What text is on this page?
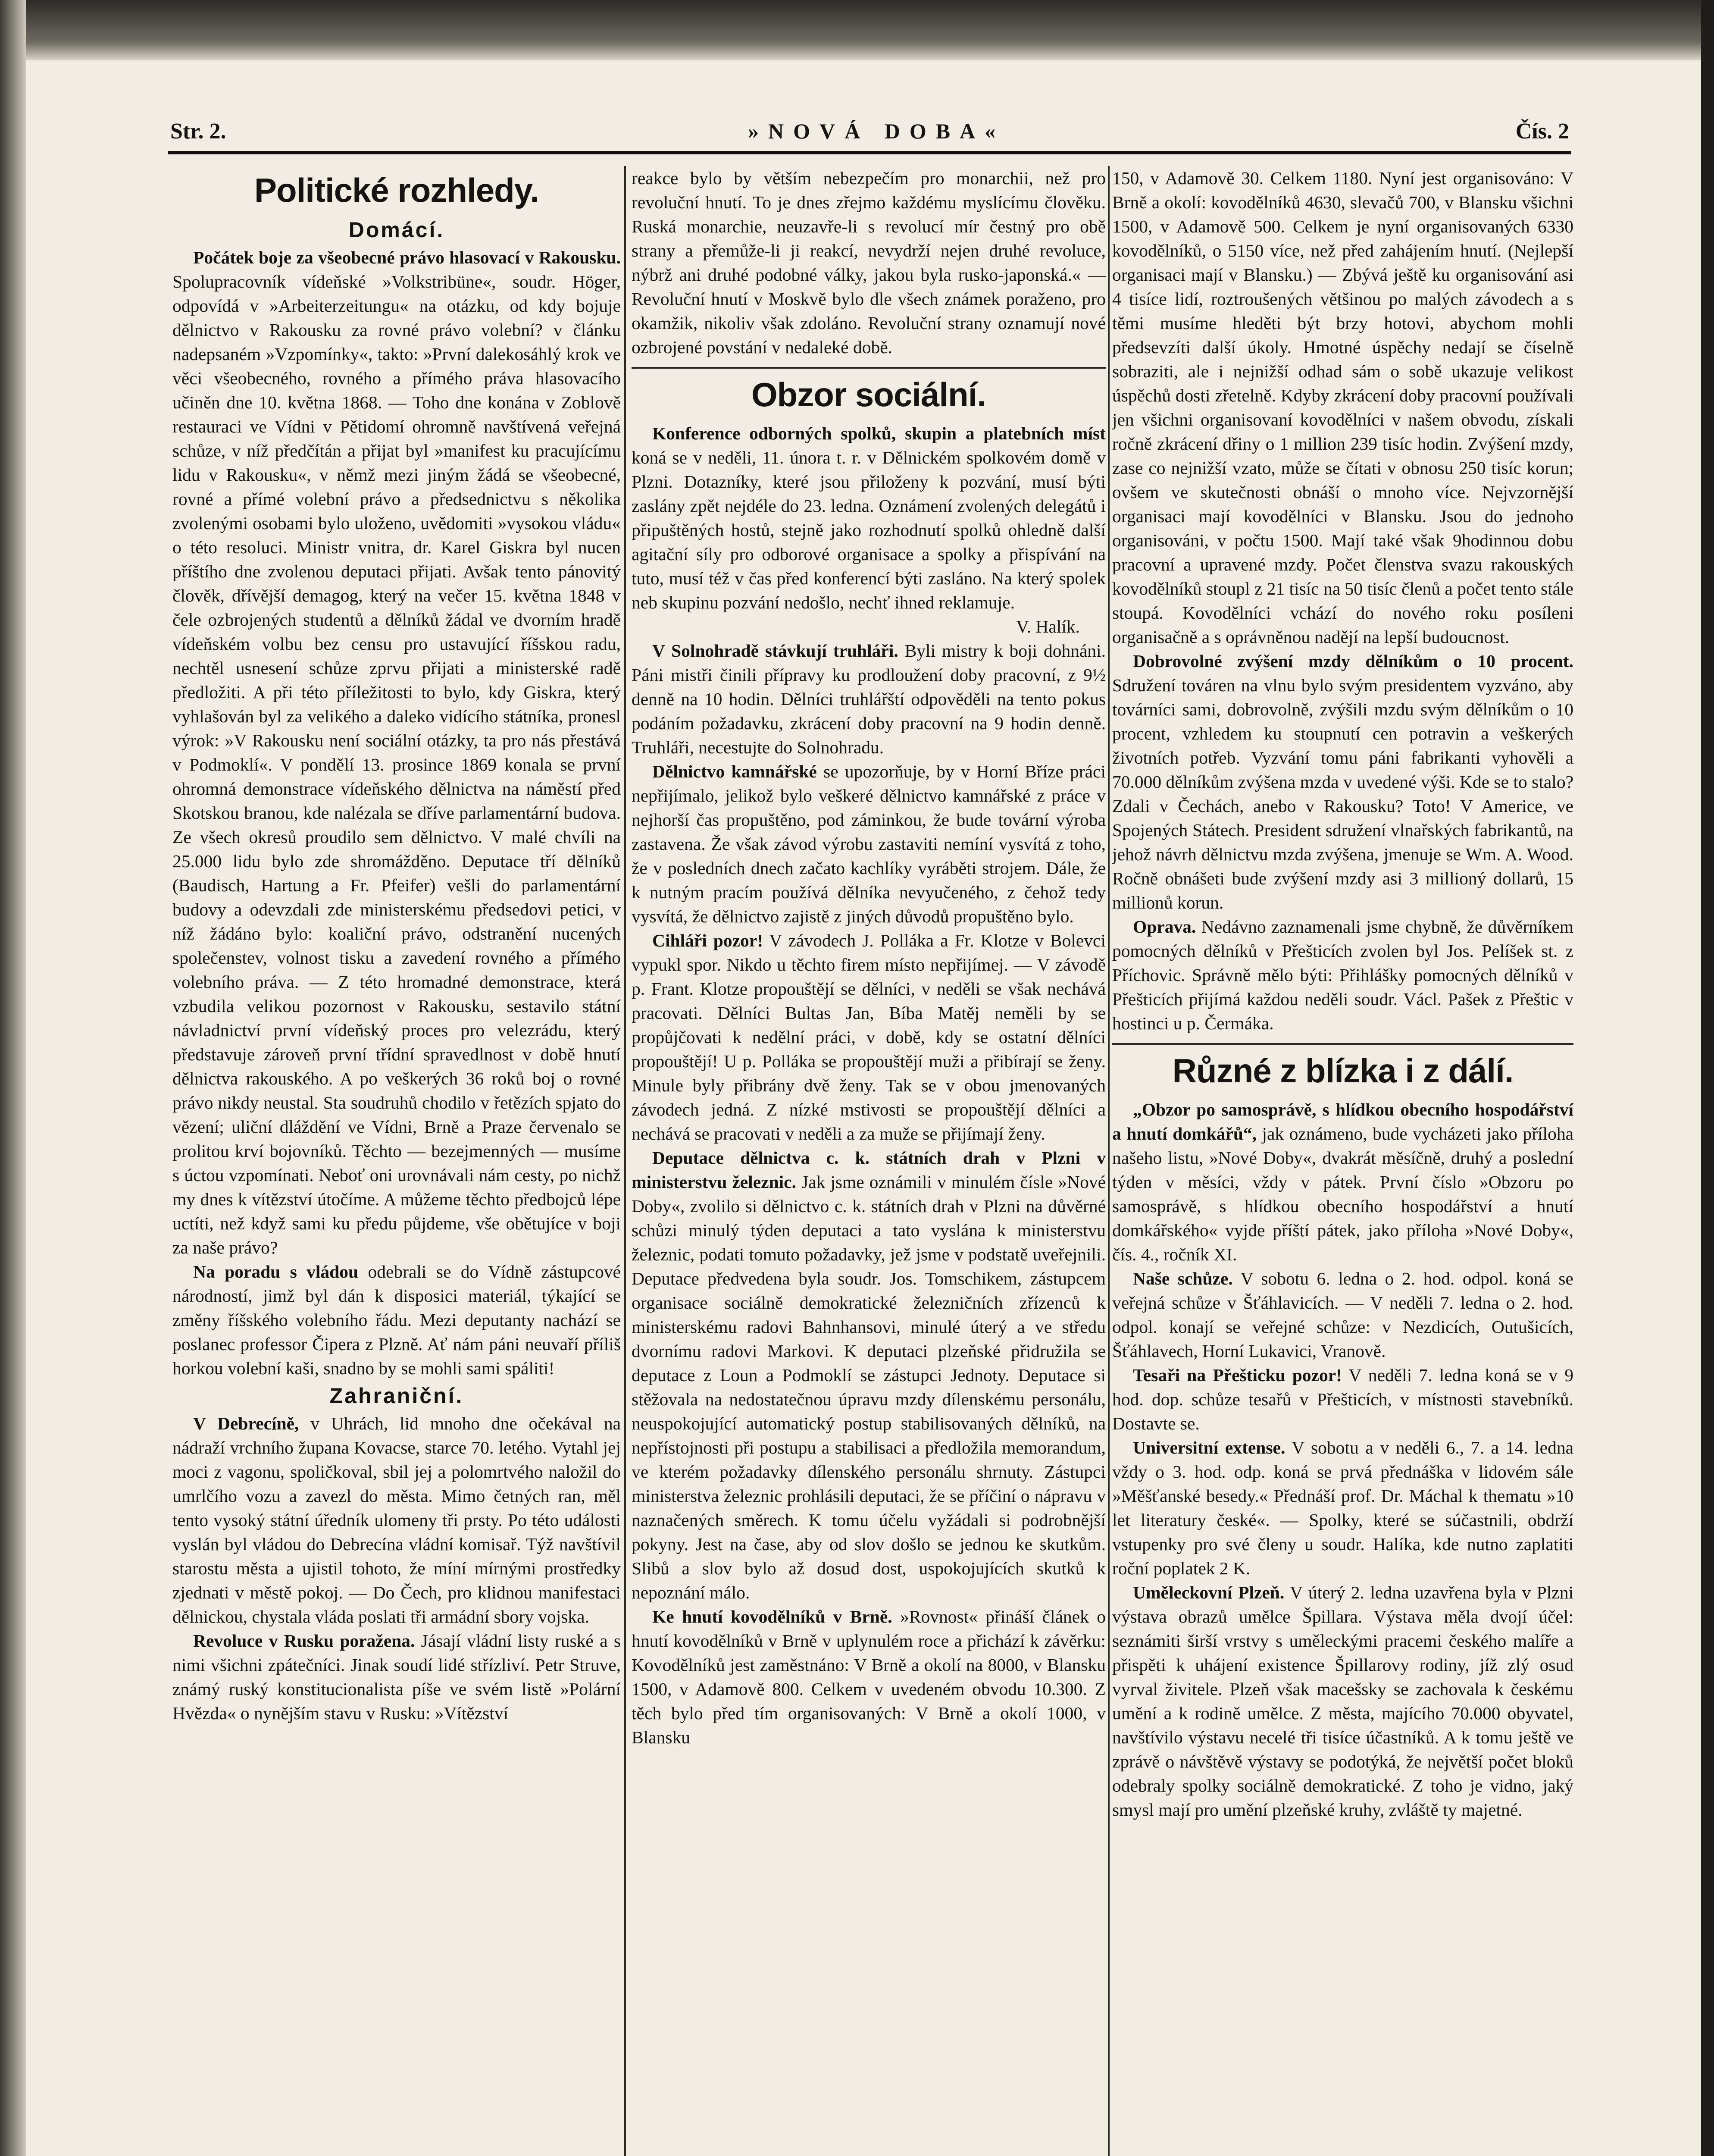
Str. 2.	»NOVÁ DOBA«	Čís. 2
Politické rozhledy.
Domácí.

Počátek boje za všeobecné právo hlasovací v Rakousku. Spolupracovník vídeňské »Volkstribüne«, soudr. Höger, odpovídá v »Arbeiterzeitungu« na otázku, od kdy bojuje dělnictvo v Rakousku za rovné právo volební? v článku nadepsaném »Vzpomínky«, takto: »První dalekosáhlý krok ve věci všeobecného, rovného a přímého práva hlasovacího učiněn dne 10. května 1868. — Toho dne konána v Zoblově restauraci ve Vídni v Pětidomí ohromně navštívená veřejná schůze, v níž předčítán a přijat byl »manifest ku pracujícímu lidu v Rakousku«, v němž mezi jiným žádá se všeobecné, rovné a přímé volební právo a předsednictvu s několika zvolenými osobami bylo uloženo, uvědomiti »vysokou vládu« o této resoluci. Ministr vnitra, dr. Karel Giskra byl nucen příštího dne zvolenou deputaci přijati. Avšak tento pánovitý člověk, dřívější demagog, který na večer 15. května 1848 v čele ozbrojených studentů a dělníků žádal ve dvorním hradě vídeňském volbu bez censu pro ustavující říšskou radu, nechtěl usnesení schůze zprvu přijati a ministerské radě předložiti. A při této příležitosti to bylo, kdy Giskra, který vyhlašován byl za velikého a daleko vidícího státníka, pronesl výrok: »V Rakousku není sociální otázky, ta pro nás přestává v Podmoklí«. V pondělí 13. prosince 1869 konala se první ohromná demonstrace vídeňského dělnictva na náměstí před Skotskou branou, kde nalézala se dříve parlamentární budova. Ze všech okresů proudilo sem dělnictvo. V malé chvíli na 25.000 lidu bylo zde shromážděno. Deputace tří dělníků (Baudisch, Hartung a Fr. Pfeifer) vešli do parlamentární budovy a odevzdali zde ministerskému předsedovi petici, v níž žádáno bylo: koaliční právo, odstranění nucených společenstev, volnost tisku a zavedení rovného a přímého volebního práva. — Z této hromadné demonstrace, která vzbudila velikou pozornost v Rakousku, sestavilo státní návladnictví první vídeňský proces pro velezrádu, který představuje zároveň první třídní spravedlnost v době hnutí dělnictva rakouského. A po veškerých 36 roků boj o rovné právo nikdy neustal. Sta soudruhů chodilo v řetězích spjato do vězení; uliční dláždění ve Vídni, Brně a Praze červenalo se prolitou krví bojovníků. Těchto — bezejmenných — musíme s úctou vzpomínati. Neboť oni urovnávali nám cesty, po nichž my dnes k vítězství útočíme. A můžeme těchto předbojců lépe uctíti, než když sami ku předu půjdeme, vše obětujíce v boji za naše právo?

Na poradu s vládou odebrali se do Vídně zástupcové národností, jimž byl dán k disposici materiál, týkající se změny říšského volebního řádu. Mezi deputanty nachází se poslanec professor Čipera z Plzně. Ať nám páni neuvaří příliš horkou volební kaši, snadno by se mohli sami spáliti!

Zahraniční.

V Debrecíně, v Uhrách, lid mnoho dne očekával na nádraží vrchního župana Kovacse, starce 70. letého. Vytahl jej moci z vagonu, spoličkoval, sbil jej a polomrtvého naložil do umrlčího vozu a zavezl do města. Mimo četných ran, měl tento vysoký státní úředník ulomeny tři prsty. Po této události vyslán byl vládou do Debrecína vládní komisař. Týž navštívil starostu města a ujistil tohoto, že míní mírnými prostředky zjednati v městě pokoj. — Do Čech, pro klidnou manifestaci dělnickou, chystala vláda poslati tři armádní sbory vojska.

Revoluce v Rusku poražena. Jásají vládní listy ruské a s nimi všichni zpátečníci. Jinak soudí lidé střízliví. Petr Struve, známý ruský konstitucionalista píše ve svém listě »Polární Hvězda« o nynějším stavu v Rusku: »Vítězství

reakce bylo by větším nebezpečím pro monarchii, než pro revoluční hnutí. To je dnes zřejmo každému myslícímu člověku. Ruská monarchie, neuzavře-li s revolucí mír čestný pro obě strany a přemůže-li ji reakcí, nevydrží nejen druhé revoluce, nýbrž ani druhé podobné války, jakou byla rusko-japonská.« — Revoluční hnutí v Moskvě bylo dle všech známek poraženo, pro okamžik, nikoliv však zdoláno. Revoluční strany oznamují nové ozbrojené povstání v nedaleké době.

Obzor sociální.

Konference odborných spolků, skupin a platebních míst koná se v neděli, 11. února t. r. v Dělnickém spolkovém domě v Plzni. Dotazníky, které jsou přiloženy k pozvání, musí býti zaslány zpět nejdéle do 23. ledna. Oznámení zvolených delegátů i připuštěných hostů, stejně jako rozhodnutí spolků ohledně další agitační síly pro odborové organisace a spolky a přispívání na tuto, musí též v čas před konferencí býti zasláno. Na který spolek neb skupinu pozvání nedošlo, nechť ihned reklamuje.

V. Halík.

V Solnohradě stávkují truhláři. Byli mistry k boji dohnáni. Páni mistři činili přípravy ku prodloužení doby pracovní, z 9½ denně na 10 hodin. Dělníci truhlářští odpověděli na tento pokus podáním požadavku, zkrácení doby pracovní na 9 hodin denně. Truhláři, necestujte do Solnohradu.

Dělnictvo kamnářské se upozorňuje, by v Horní Bříze práci nepřijímalo, jelikož bylo veškeré dělnictvo kamnářské z práce v nejhorší čas propuštěno, pod záminkou, že bude tovární výroba zastavena. Že však závod výrobu zastaviti nemíní vysvítá z toho, že v posledních dnech začato kachlíky vyráběti strojem. Dále, že k nutným pracím používá dělníka nevyučeného, z čehož tedy vysvítá, že dělnictvo zajistě z jiných důvodů propuštěno bylo.

Cihláři pozor! V závodech J. Polláka a Fr. Klotze v Bolevci vypukl spor. Nikdo u těchto firem místo nepřijímej. — V závodě p. Frant. Klotze propouštějí se dělníci, v neděli se však nechává pracovati. Dělníci Bultas Jan, Bíba Matěj neměli by se propůjčovati k nedělní práci, v době, kdy se ostatní dělníci propouštějí! U p. Polláka se propouštějí muži a přibírají se ženy. Minule byly přibrány dvě ženy. Tak se v obou jmenovaných závodech jedná. Z nízké mstivosti se propouštějí dělníci a nechává se pracovati v neděli a za muže se přijímají ženy.

Deputace dělnictva c. k. státních drah v Plzni v ministerstvu železnic. Jak jsme oznámili v minulém čísle »Nové Doby«, zvolilo si dělnictvo c. k. státních drah v Plzni na důvěrné schůzi minulý týden deputaci a tato vyslána k ministerstvu železnic, podati tomuto požadavky, jež jsme v podstatě uveřejnili. Deputace předvedena byla soudr. Jos. Tomschikem, zástupcem organisace sociálně demokratické železničních zřízenců k ministerskému radovi Bahnhansovi, minulé úterý a ve středu dvornímu radovi Markovi. K deputaci plzeňské přidružila se deputace z Loun a Podmoklí se zástupci Jednoty. Deputace si stěžovala na nedostatečnou úpravu mzdy dílenskému personálu, neuspokojující automatický postup stabilisovaných dělníků, na nepřístojnosti při postupu a stabilisaci a předložila memorandum, ve kterém požadavky dílenského personálu shrnuty. Zástupci ministerstva železnic prohlásili deputaci, že se příčiní o nápravu v naznačených směrech. K tomu účelu vyžádali si podrobnější pokyny. Jest na čase, aby od slov došlo se jednou ke skutkům. Slibů a slov bylo až dosud dost, uspokojujících skutků k nepoznání málo.

Ke hnutí kovodělníků v Brně. »Rovnost« přináší článek o hnutí kovodělníků v Brně v uplynulém roce a přichází k závěrku: Kovodělníků jest zaměstnáno: V Brně a okolí na 8000, v Blansku 1500, v Adamově 800. Celkem v uvedeném obvodu 10.300. Z těch bylo před tím organisovaných: V Brně a okolí 1000, v Blansku

150, v Adamově 30. Celkem 1180. Nyní jest organisováno: V Brně a okolí: kovodělníků 4630, slevačů 700, v Blansku všichni 1500, v Adamově 500. Celkem je nyní organisovaných 6330 kovodělníků, o 5150 více, než před zahájením hnutí. (Nejlepší organisaci mají v Blansku.) — Zbývá ještě ku organisování asi 4 tisíce lidí, roztroušených většinou po malých závodech a s těmi musíme hleděti být brzy hotovi, abychom mohli předsevzíti další úkoly. Hmotné úspěchy nedají se číselně sobraziti, ale i nejnižší odhad sám o sobě ukazuje velikost úspěchů dosti zřetelně. Kdyby zkrácení doby pracovní používali jen všichni organisovaní kovodělníci v našem obvodu, získali ročně zkrácení dřiny o 1 million 239 tisíc hodin. Zvýšení mzdy, zase co nejnižší vzato, může se čítati v obnosu 250 tisíc korun; ovšem ve skutečnosti obnáší o mnoho více. Nejvzornější organisaci mají kovodělníci v Blansku. Jsou do jednoho organisováni, v počtu 1500. Mají také však 9hodinnou dobu pracovní a upravené mzdy. Počet členstva svazu rakouských kovodělníků stoupl z 21 tisíc na 50 tisíc členů a počet tento stále stoupá. Kovodělníci vchází do nového roku posíleni organisačně a s oprávněnou nadějí na lepší budoucnost.

Dobrovolné zvýšení mzdy dělníkům o 10 procent. Sdružení továren na vlnu bylo svým presidentem vyzváno, aby továrníci sami, dobrovolně, zvýšili mzdu svým dělníkům o 10 procent, vzhledem ku stoupnutí cen potravin a veškerých životních potřeb. Vyzvání tomu páni fabrikanti vyhověli a 70.000 dělníkům zvýšena mzda v uvedené výši. Kde se to stalo? Zdali v Čechách, anebo v Rakousku? Toto! V Americe, ve Spojených Státech. President sdružení vlnařských fabrikantů, na jehož návrh dělnictvu mzda zvýšena, jmenuje se Wm. A. Wood. Ročně obnášeti bude zvýšení mzdy asi 3 millioný dollarů, 15 millionů korun.

Oprava. Nedávno zaznamenali jsme chybně, že důvěrníkem pomocných dělníků v Přešticích zvolen byl Jos. Pelíšek st. z Příchovic. Správně mělo býti: Přihlášky pomocných dělníků v Přešticích přijímá každou neděli soudr. Václ. Pašek z Přeštic v hostinci u p. Čermáka.

Různé z blízka i z dálí.

„Obzor po samosprávě, s hlídkou obecního hospodářství a hnutí domkářů“, jak oznámeno, bude vycházeti jako příloha našeho listu, »Nové Doby«, dvakrát měsíčně, druhý a poslední týden v měsíci, vždy v pátek. První číslo »Obzoru po samosprávě, s hlídkou obecního hospodářství a hnutí domkářského« vyjde příští pátek, jako příloha »Nové Doby«, čís. 4., ročník XI.

Naše schůze. V sobotu 6. ledna o 2. hod. odpol. koná se veřejná schůze v Šťáhlavicích. — V neděli 7. ledna o 2. hod. odpol. konají se veřejné schůze: v Nezdicích, Outušicích, Šťáhlavech, Horní Lukavici, Vranově.

Tesaři na Přešticku pozor! V neděli 7. ledna koná se v 9 hod. dop. schůze tesařů v Přešticích, v místnosti stavebníků. Dostavte se.

Universitní extense. V sobotu a v neděli 6., 7. a 14. ledna vždy o 3. hod. odp. koná se prvá přednáška v lidovém sále »Měšťanské besedy.« Přednáší prof. Dr. Máchal k thematu »10 let literatury české«. — Spolky, které se súčastnili, obdrží vstupenky pro své členy u soudr. Halíka, kde nutno zaplatiti roční poplatek 2 K.

Uměleckovní Plzeň. V úterý 2. ledna uzavřena byla v Plzni výstava obrazů umělce Špillara. Výstava měla dvojí účel: seznámiti širší vrstvy s uměleckými pracemi českého malíře a přispěti k uhájení existence Špillarovy rodiny, jíž zlý osud vyrval živitele. Plzeň však macešsky se zachovala k českému umění a k rodině umělce. Z města, majícího 70.000 obyvatel, navštívilo výstavu necelé tři tisíce účastníků. A k tomu ještě ve zprávě o návštěvě výstavy se podotýká, že největší počet bloků odebraly spolky sociálně demokratické. Z toho je vidno, jaký smysl mají pro umění plzeňské kruhy, zvláště ty majetné.
